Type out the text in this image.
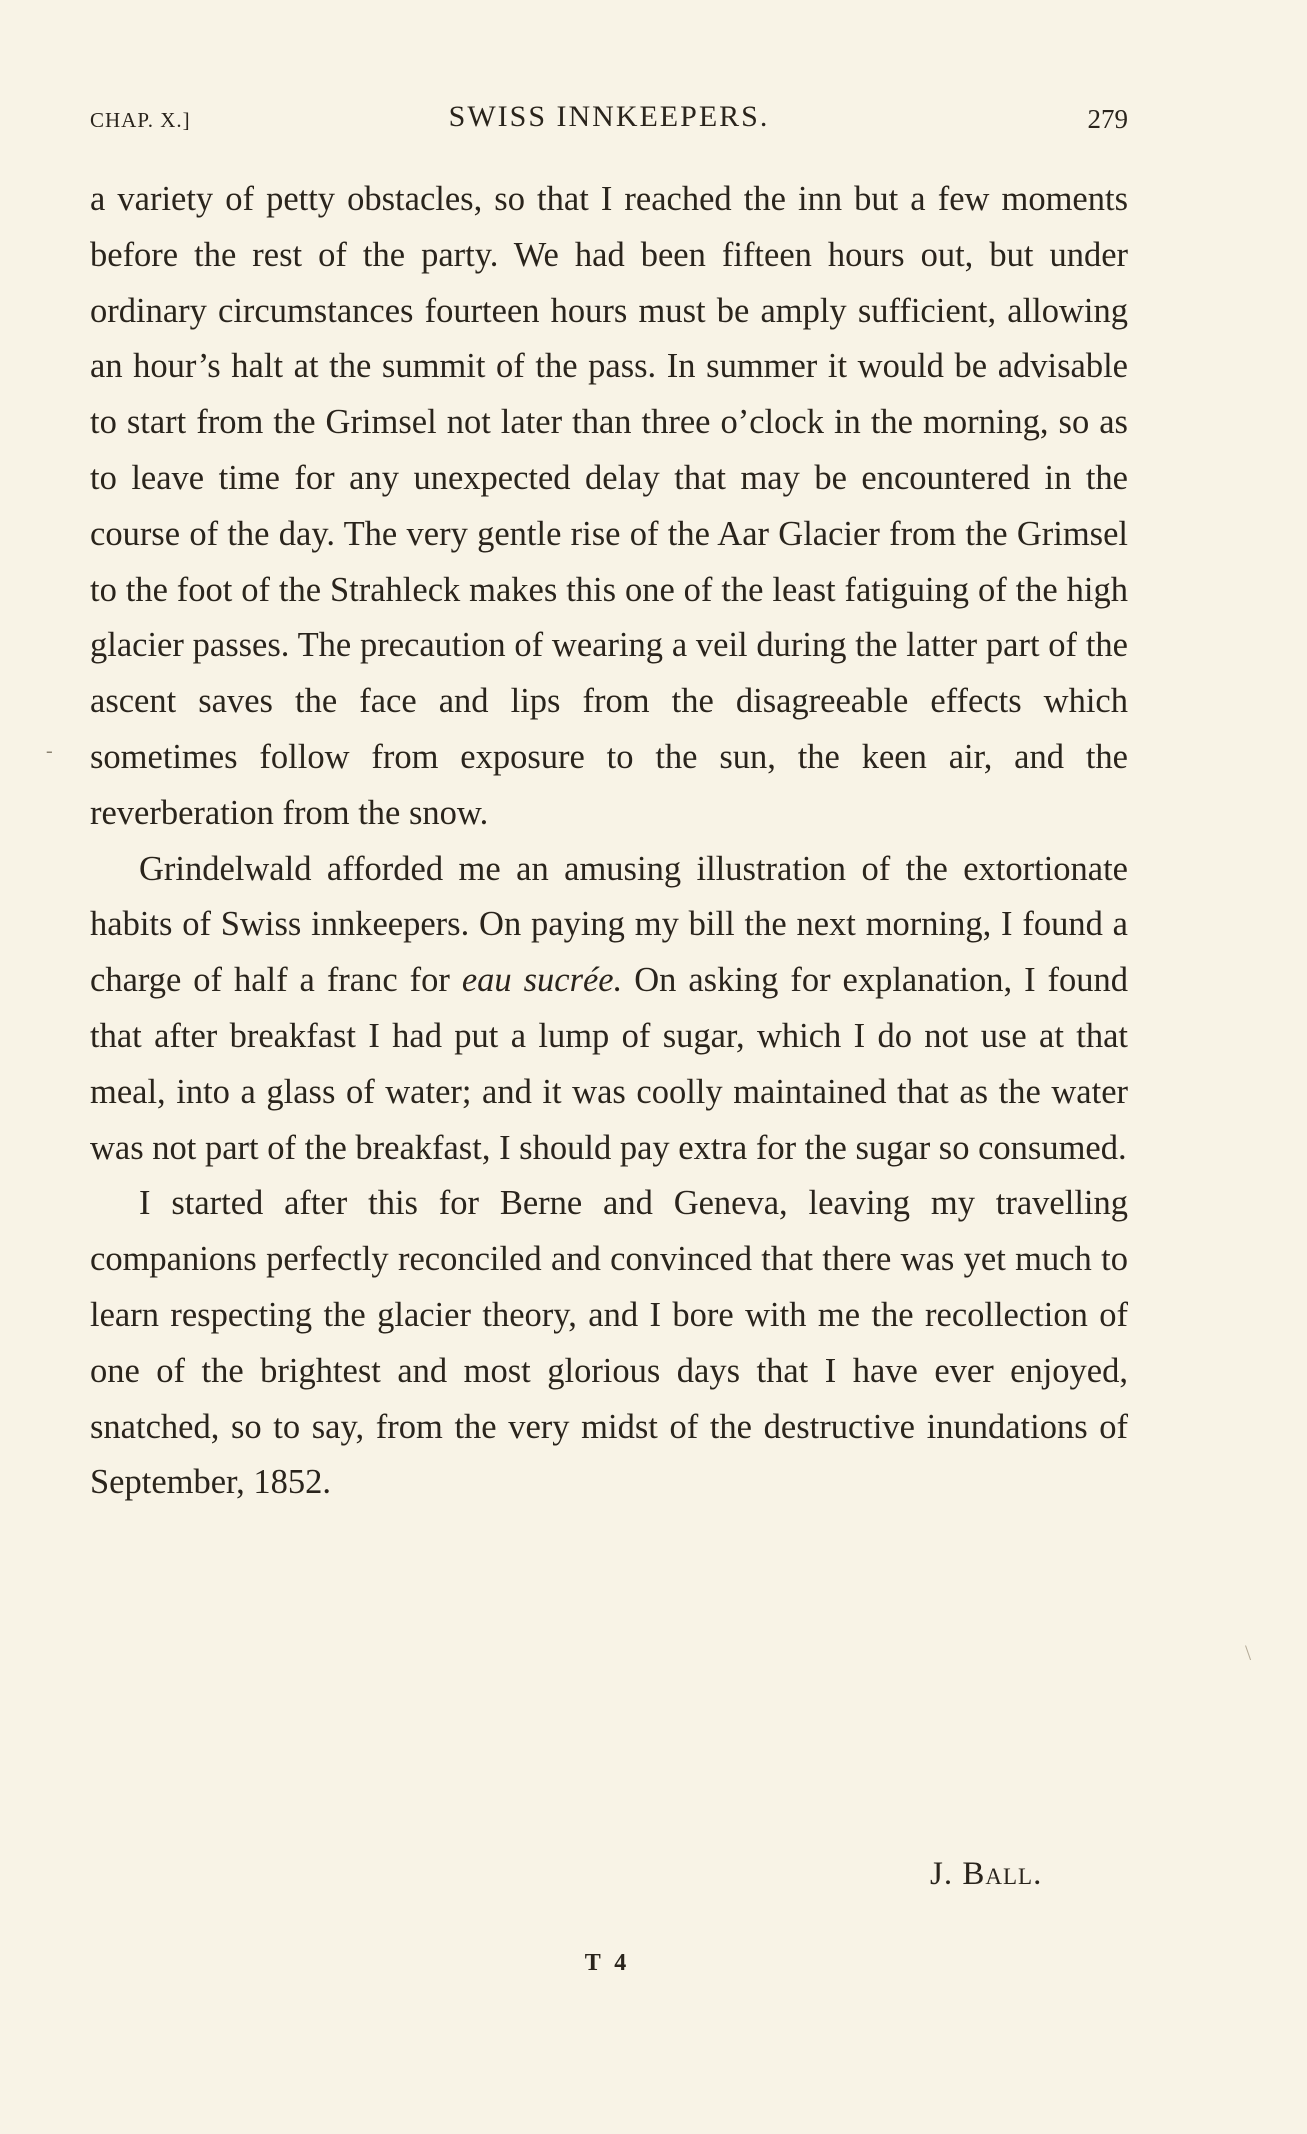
CHAP. X.]	SWISS INNKEEPERS.	279
-
\

a variety of petty obstacles, so that I reached the inn but a few moments before the rest of the party. We had been fifteen hours out, but under ordinary circumstances fourteen hours must be amply sufficient, allowing an hour’s halt at the summit of the pass. In summer it would be advisable to start from the Grimsel not later than three o’clock in the morning, so as to leave time for any unexpected delay that may be encountered in the course of the day. The very gentle rise of the Aar Glacier from the Grimsel to the foot of the Strahleck makes this one of the least fatiguing of the high glacier passes. The precaution of wearing a veil during the latter part of the ascent saves the face and lips from the disagreeable effects which sometimes follow from exposure to the sun, the keen air, and the reverberation from the snow.

Grindelwald afforded me an amusing illustration of the extortionate habits of Swiss innkeepers. On paying my bill the next morning, I found a charge of half a franc for eau sucrée. On asking for explanation, I found that after breakfast I had put a lump of sugar, which I do not use at that meal, into a glass of water; and it was coolly maintained that as the water was not part of the breakfast, I should pay extra for the sugar so consumed.

I started after this for Berne and Geneva, leaving my travelling companions perfectly reconciled and convinced that there was yet much to learn respecting the glacier theory, and I bore with me the recollection of one of the brightest and most glorious days that I have ever enjoyed, snatched, so to say, from the very midst of the destructive inundations of September, 1852.

J. Ball.
T 4
